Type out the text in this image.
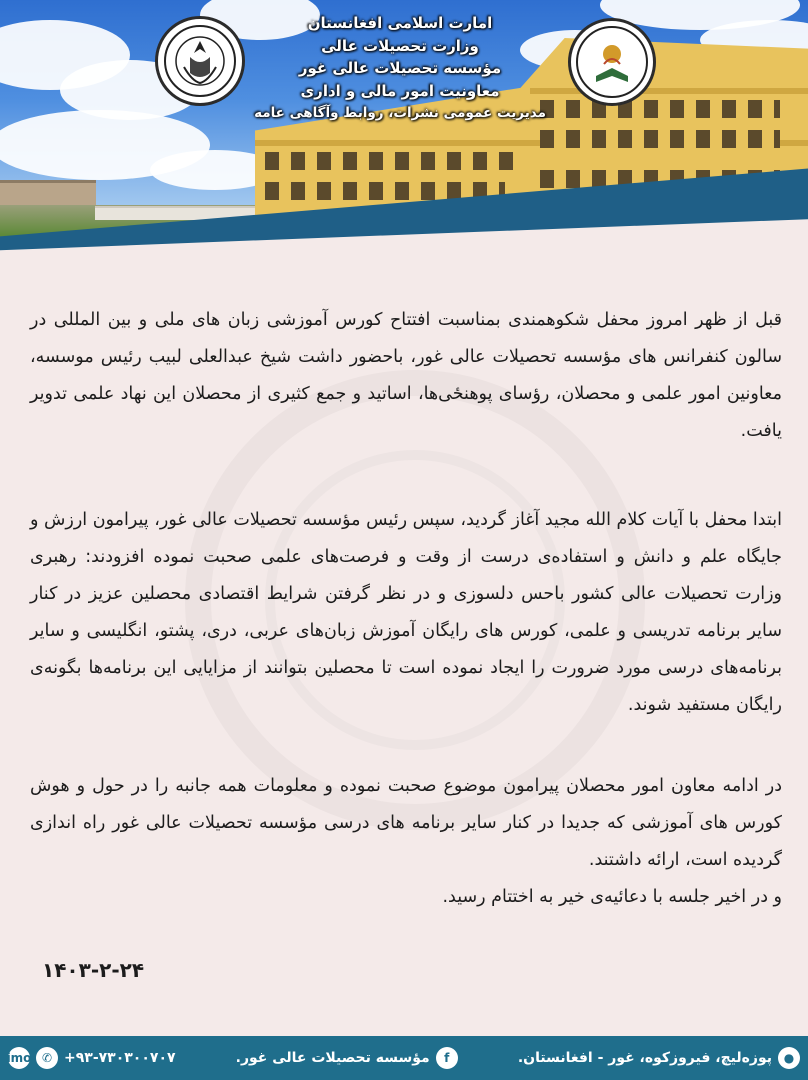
امارت اسلامی افغانستان
وزارت تحصیلات عالی
مؤسسه تحصیلات عالی غور
معاونیت امور مالی و اداری
مدیریت عمومی نشرات، روابط وآگاهی عامه

قبل از ظهر امروز محفل شکوهمندی بمناسبت افتتاح کورس آموزشی زبان های ملی و بین المللی در سالون کنفرانس های مؤسسه تحصیلات عالی غور، باحضور داشت شیخ عبدالعلی لبیب رئیس موسسه، معاونین امور علمی و محصلان، رؤسای پوهنځی‌ها، اساتید و جمع کثیری از محصلان این نهاد علمی تدویر یافت.

ابتدا محفل با آیات کلام الله مجید آغاز گردید، سپس رئیس مؤسسه تحصیلات عالی غور، پیرامون ارزش و جایگاه علم و دانش و استفاده‌ی درست از وقت و فرصت‌های علمی صحبت نموده افزودند: رهبری وزارت تحصیلات عالی کشور باحس دلسوزی و در نظر گرفتن شرایط اقتصادی محصلین عزیز در کنار سایر برنامه تدریسی و علمی، کورس های رایگان آموزش زبان‌های عربی، دری، پشتو، انگلیسی و سایر برنامه‌های درسی مورد ضرورت را ایجاد نموده است تا محصلین بتوانند از مزایایی این برنامه‌ها بگونه‌ی رایگان مستفید شوند.

در ادامه معاون امور محصلان پیرامون موضوع صحبت نموده و معلومات همه جانبه را در حول و هوش کورس های آموزشی که جدیدا در کنار سایر برنامه های درسی مؤسسه تحصیلات عالی غور راه اندازی گردیده است، ارائه داشتند.

و در اخیر جلسه با دعائیه‌ی خیر به اختتام رسید.

۱۴۰۳-۲-۲۴
imo ✆ +۹۳-۷۳۰۳۰۰۷۰۷	مؤسسه تحصیلات عالی غور.	f	پوزه‌لیچ، فیروزکوه، غور - افغانستان. ●
